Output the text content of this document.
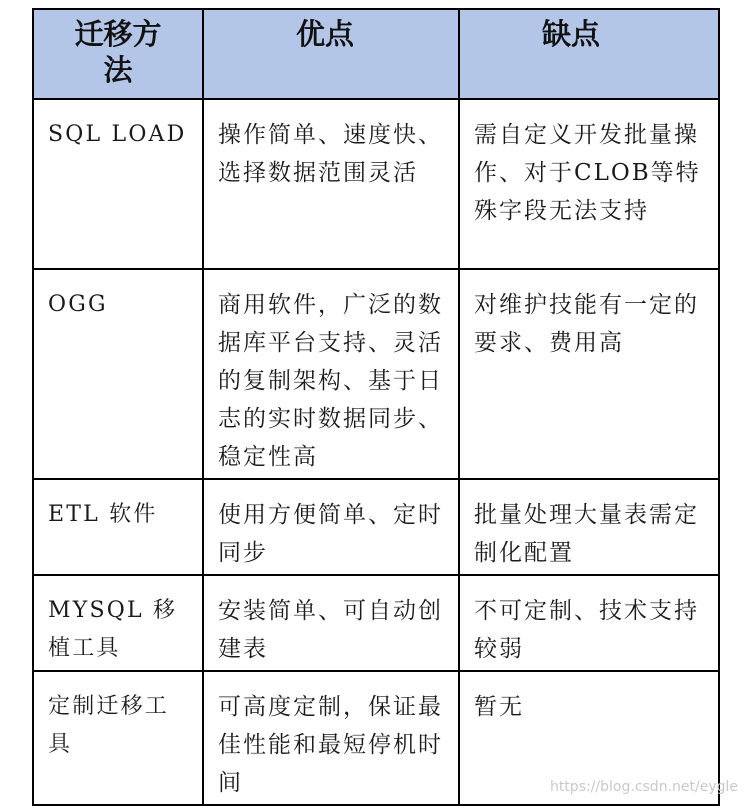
迁移方法	优点	缺点
SQL LOAD	操作简单、速度快、选择数据范围灵活	需自定义开发批量操作、对于CLOB等特殊字段无法支持
OGG	商用软件，广泛的数据库平台支持、灵活的复制架构、基于日志的实时数据同步、稳定性高	对维护技能有一定的要求、费用高
ETL 软件	使用方便简单、定时同步	批量处理大量表需定制化配置
MYSQL 移植工具	安装简单、可自动创建表	不可定制、技术支持较弱
定制迁移工具	可高度定制，保证最佳性能和最短停机时间	暂无
https://blog.csdn.net/eygle
